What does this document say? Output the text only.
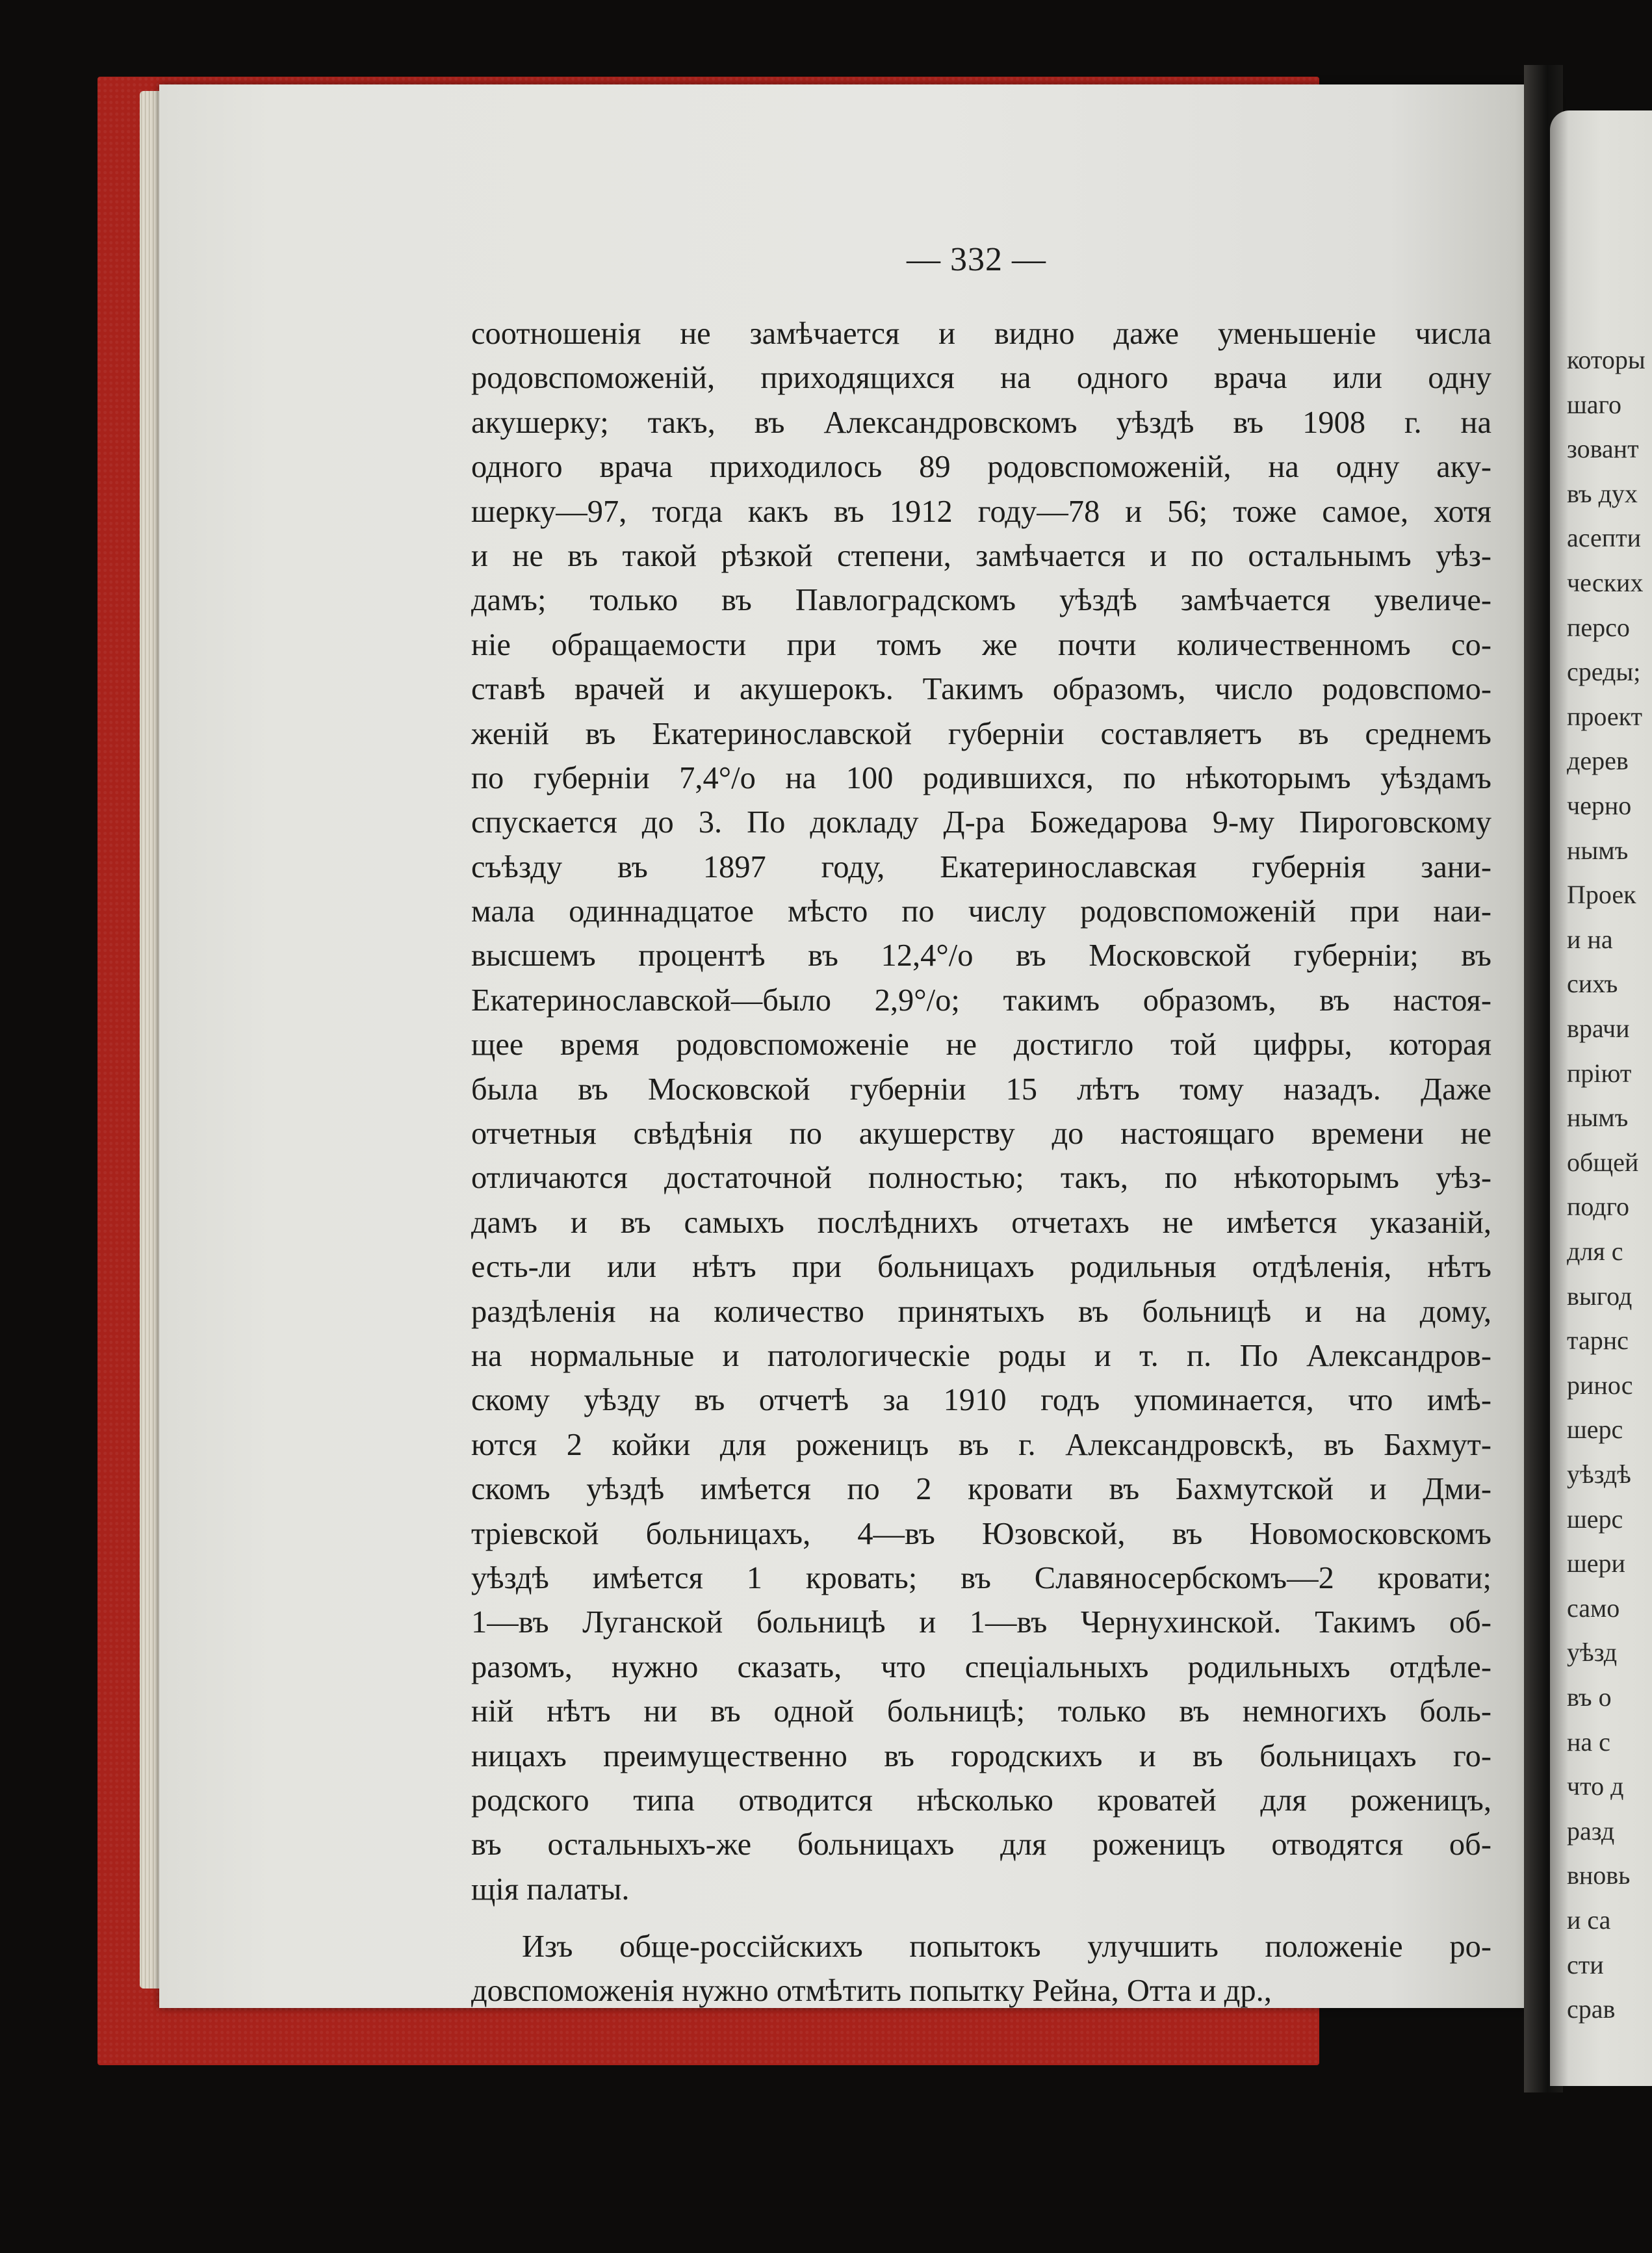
которы
шаго
зовант
въ дух
асепти
ческих
персо
среды;
проект
дерев
черно
нымъ
Проек
и на
сихъ
врачи
пріют
нымъ
общей
подго
для с
выгод
тарнс
ринос
шерс
уѣздѣ
шерс
шери
само
уѣзд
въ о
на с
что д
разд
вновь
и са
сти
срав
— 332 —
соотношенія не замѣчается и видно даже уменьшеніе числа
родовспоможеній, приходящихся на одного врача или одну
акушерку; такъ, въ Александровскомъ уѣздѣ въ 1908 г. на
одного врача приходилось 89 родовспоможеній, на одну аку-
шерку—97, тогда какъ въ 1912 году—78 и 56; тоже самое, хотя
и не въ такой рѣзкой степени, замѣчается и по остальнымъ уѣз-
дамъ; только въ Павлоградскомъ уѣздѣ замѣчается увеличе-
ніе обращаемости при томъ же почти количественномъ со-
ставѣ врачей и акушерокъ. Такимъ образомъ, число родовспомо-
женій въ Екатеринославской губерніи составляетъ въ среднемъ
по губерніи 7,4°/о на 100 родившихся, по нѣкоторымъ уѣздамъ
спускается до 3. По докладу Д-ра Божедарова 9-му Пироговскому
съѣзду въ 1897 году, Екатеринославская губернія зани-
мала одиннадцатое мѣсто по числу родовспоможеній при наи-
высшемъ процентѣ въ 12,4°/о въ Московской губерніи; въ
Екатеринославской—было 2,9°/о; такимъ образомъ, въ настоя-
щее время родовспоможеніе не достигло той цифры, которая
была въ Московской губерніи 15 лѣтъ тому назадъ. Даже
отчетныя свѣдѣнія по акушерству до настоящаго времени не
отличаются достаточной полностью; такъ, по нѣкоторымъ уѣз-
дамъ и въ самыхъ послѣднихъ отчетахъ не имѣется указаній,
есть-ли или нѣтъ при больницахъ родильныя отдѣленія, нѣтъ
раздѣленія на количество принятыхъ въ больницѣ и на дому,
на нормальные и патологическіе роды и т. п. По Александров-
скому уѣзду въ отчетѣ за 1910 годъ упоминается, что имѣ-
ются 2 койки для роженицъ въ г. Александровскѣ, въ Бахмут-
скомъ уѣздѣ имѣется по 2 кровати въ Бахмутской и Дми-
тріевской больницахъ, 4—въ Юзовской, въ Новомосковскомъ
уѣздѣ имѣется 1 кровать; въ Славяносербскомъ—2 кровати;
1—въ Луганской больницѣ и 1—въ Чернухинской. Такимъ об-
разомъ, нужно сказать, что спеціальныхъ родильныхъ отдѣле-
ній нѣтъ ни въ одной больницѣ; только въ немногихъ боль-
ницахъ преимущественно въ городскихъ и въ больницахъ го-
родского типа отводится нѣсколько кроватей для роженицъ,
въ остальныхъ-же больницахъ для роженицъ отводятся об-
щія палаты.
Изъ обще-россійскихъ попытокъ улучшить положеніе ро-
довспоможенія нужно отмѣтить попытку Рейна, Отта и др.,
